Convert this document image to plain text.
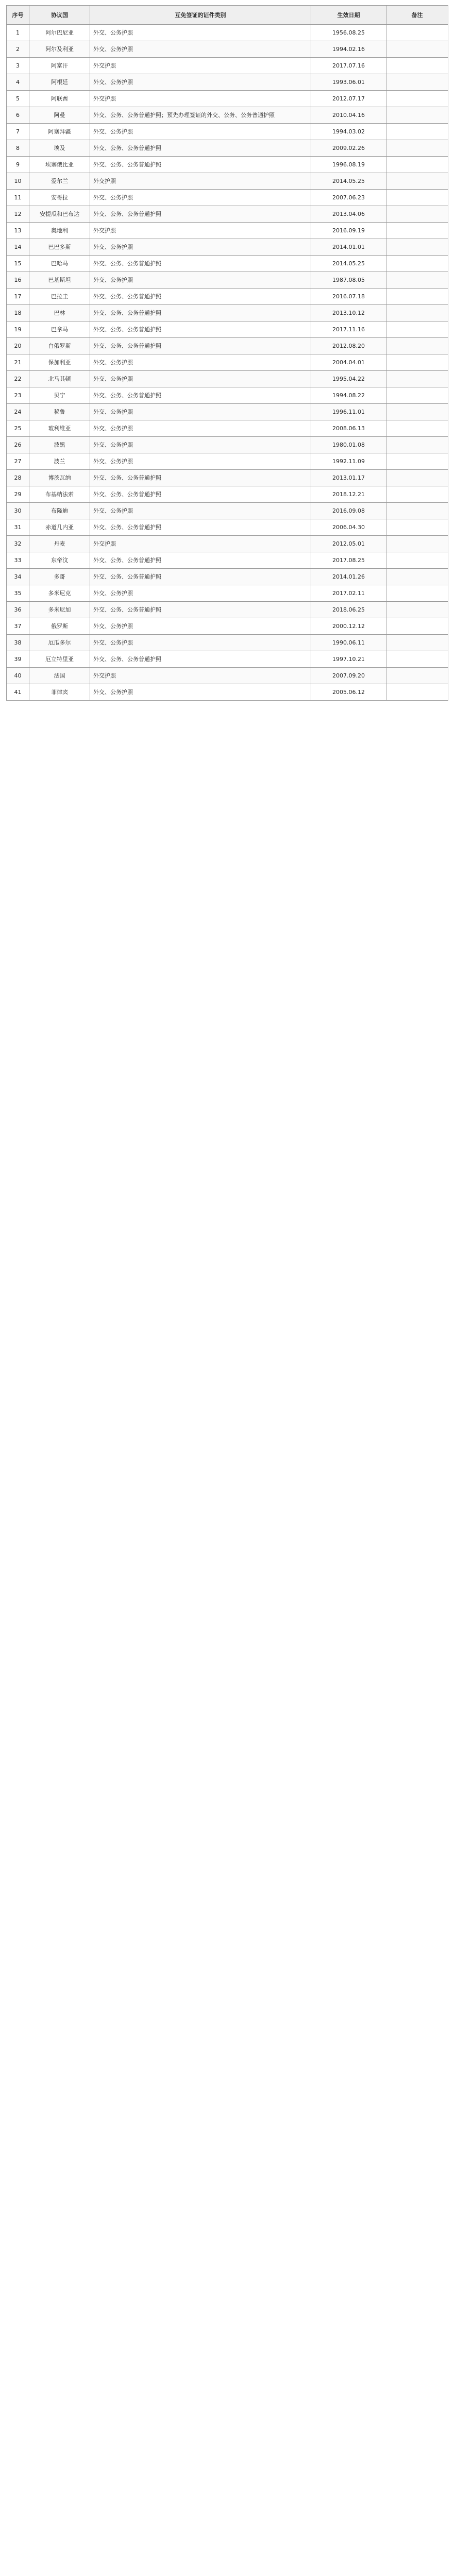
序号	协议国	互免签证的证件类别	生效日期	备注
1	阿尔巴尼亚	外交、公务护照	1956.08.25	
2	阿尔及利亚	外交、公务护照	1994.02.16	
3	阿富汗	外交护照	2017.07.16	
4	阿根廷	外交、公务护照	1993.06.01	
5	阿联酋	外交护照	2012.07.17	
6	阿曼	外交、公务、公务普通护照；预先办理签证的外交、公务、公务普通护照	2010.04.16	
7	阿塞拜疆	外交、公务护照	1994.03.02	
8	埃及	外交、公务、公务普通护照	2009.02.26	
9	埃塞俄比亚	外交、公务、公务普通护照	1996.08.19	
10	爱尔兰	外交护照	2014.05.25	
11	安哥拉	外交、公务护照	2007.06.23	
12	安提瓜和巴布达	外交、公务、公务普通护照	2013.04.06	
13	奥地利	外交护照	2016.09.19	
14	巴巴多斯	外交、公务护照	2014.01.01	
15	巴哈马	外交、公务、公务普通护照	2014.05.25	
16	巴基斯坦	外交、公务护照	1987.08.05	
17	巴拉圭	外交、公务、公务普通护照	2016.07.18	
18	巴林	外交、公务、公务普通护照	2013.10.12	
19	巴拿马	外交、公务、公务普通护照	2017.11.16	
20	白俄罗斯	外交、公务、公务普通护照	2012.08.20	
21	保加利亚	外交、公务护照	2004.04.01	
22	北马其顿	外交、公务护照	1995.04.22	
23	贝宁	外交、公务、公务普通护照	1994.08.22	
24	秘鲁	外交、公务护照	1996.11.01	
25	玻利维亚	外交、公务护照	2008.06.13	
26	波黑	外交、公务护照	1980.01.08	
27	波兰	外交、公务护照	1992.11.09	
28	博茨瓦纳	外交、公务、公务普通护照	2013.01.17	
29	布基纳法索	外交、公务、公务普通护照	2018.12.21	
30	布隆迪	外交、公务护照	2016.09.08	
31	赤道几内亚	外交、公务、公务普通护照	2006.04.30	
32	丹麦	外交护照	2012.05.01	
33	东帝汶	外交、公务、公务普通护照	2017.08.25	
34	多哥	外交、公务、公务普通护照	2014.01.26	
35	多米尼克	外交、公务护照	2017.02.11	
36	多米尼加	外交、公务、公务普通护照	2018.06.25	
37	俄罗斯	外交、公务护照	2000.12.12	
38	厄瓜多尔	外交、公务护照	1990.06.11	
39	厄立特里亚	外交、公务、公务普通护照	1997.10.21	
40	法国	外交护照	2007.09.20	
41	菲律宾	外交、公务护照	2005.06.12	
